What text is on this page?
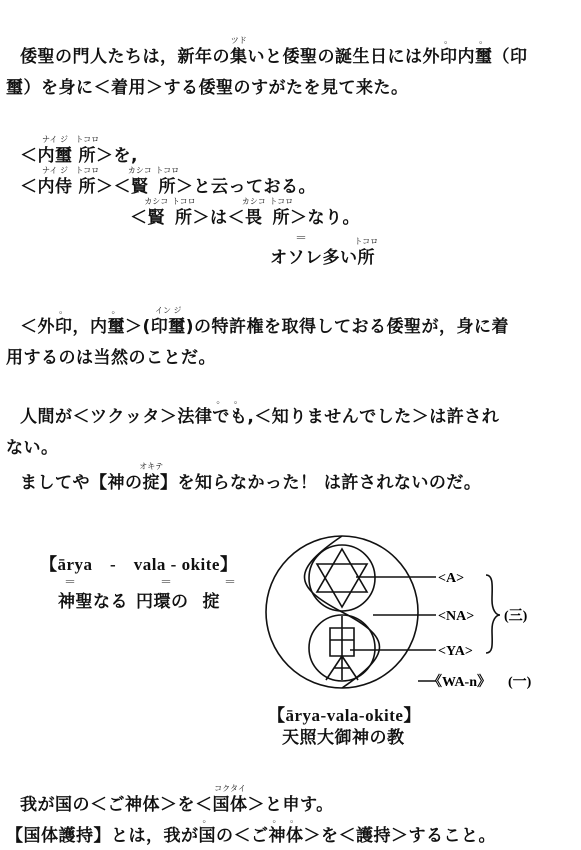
倭聖の門人たちは，新年の集
ツド
いと倭聖の誕生日には外印
。
内璽
。
（印
璽）を身に＜着用＞する倭聖のすがたを見て来た。
＜内璽
ナイ ジ
所
トコロ
＞を,
＜内侍
ナイ ジ
所
トコロ
＞＜賢
カシコ
所
トコロ
＞と云っておる。
＜賢
カシコ
所
トコロ
＞は＜畏
カシコ
所
トコロ
＞なり。
＝
オソレ多い所
トコロ
＜外印
。
，内璽
。
＞(印璽
イン ジ
)の特許権を取得しておる倭聖が，身に着
用するのは当然のことだ。
人間が＜ツクッタ＞法律で
。
も
。
,＜知りませんでした＞は許され
ない。
ましてや【神の掟
オキテ
】を知らなかった！ は許されないのだ。
【ārya　-　vala - okite】
＝	＝	＝
神聖なる 円環の 掟
<A>
<NA>
<YA>
(三)
《WA-n》 (一)
【ārya-vala-okite】
天照大御神の教
我が国の＜ご神体＞を＜国体
コクタイ
＞と申す。
【国体護持】とは，我が国
。
の＜ご神
。
体
。
＞を＜護持＞すること。
